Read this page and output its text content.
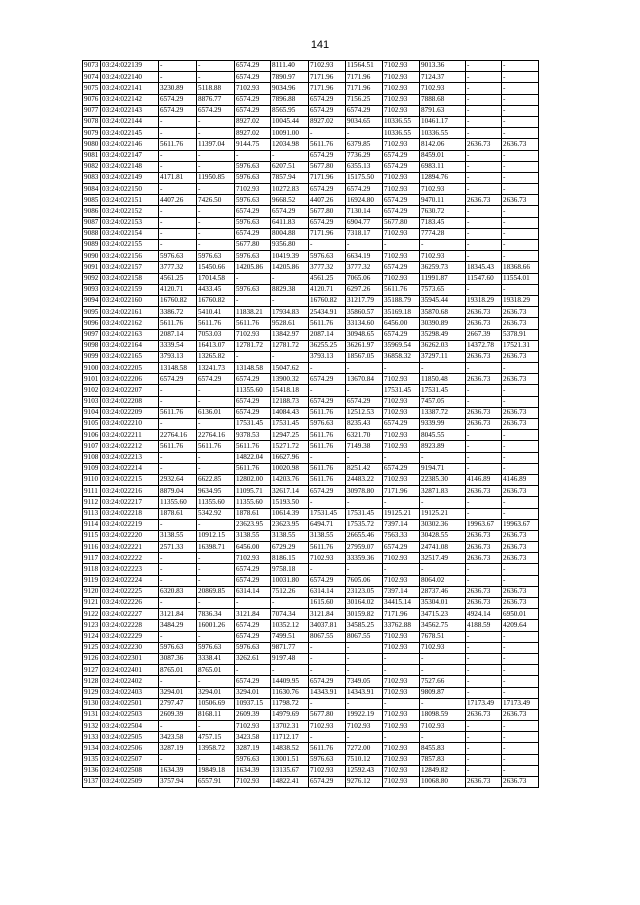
141
9073	03:24:022139	-	-	6574.29	8111.40	7102.93	11564.51	7102.93	9013.36	-	-
9074	03:24:022140	-	-	6574.29	7890.97	7171.96	7171.96	7102.93	7124.37	-	-
9075	03:24:022141	3230.89	5118.88	7102.93	9034.96	7171.96	7171.96	7102.93	7102.93	-	-
9076	03:24:022142	6574.29	8876.77	6574.29	7896.88	6574.29	7156.25	7102.93	7888.68	-	-
9077	03:24:022143	6574.29	6574.29	6574.29	8565.95	6574.29	6574.29	7102.93	8791.63	-	-
9078	03:24:022144	-	-	8927.02	10045.44	8927.02	9034.65	10336.55	10461.17	-	-
9079	03:24:022145	-	-	8927.02	10091.00	-	-	10336.55	10336.55	-	-
9080	03:24:022146	5611.76	11397.04	9144.75	12034.98	5611.76	6379.85	7102.93	8142.06	2636.73	2636.73
9081	03:24:022147	-	-	-	-	6574.29	7736.29	6574.29	8459.01	-	-
9082	03:24:022148	-	-	5976.63	6207.51	5677.80	6355.13	6574.29	6983.11	-	-
9083	03:24:022149	4171.81	11950.85	5976.63	7857.94	7171.96	15175.50	7102.93	12894.76	-	-
9084	03:24:022150	-	-	7102.93	10272.83	6574.29	6574.29	7102.93	7102.93	-	-
9085	03:24:022151	4407.26	7426.50	5976.63	9668.52	4407.26	16924.80	6574.29	9470.11	2636.73	2636.73
9086	03:24:022152	-	-	6574.29	6574.29	5677.80	7130.14	6574.29	7630.72	-	-
9087	03:24:022153	-	-	5976.63	6411.83	6574.29	6904.77	5677.80	7183.45	-	-
9088	03:24:022154	-	-	6574.29	8004.88	7171.96	7318.17	7102.93	7774.28	-	-
9089	03:24:022155	-	-	5677.80	9356.80	-	-	-	-	-	-
9090	03:24:022156	5976.63	5976.63	5976.63	10419.39	5976.63	6634.19	7102.93	7102.93	-	-
9091	03:24:022157	3777.32	15450.66	14205.86	14205.86	3777.32	3777.32	6574.29	36259.73	18345.43	18368.66
9092	03:24:022158	4561.25	17014.58	-	-	4561.25	7065.06	7102.93	11991.87	11547.60	11554.01
9093	03:24:022159	4120.71	4433.45	5976.63	8829.38	4120.71	6297.26	5611.76	7573.65	-	-
9094	03:24:022160	16760.82	16760.82	-	-	16760.82	31217.79	35188.79	35945.44	19318.29	19318.29
9095	03:24:022161	3386.72	5410.41	11838.21	17934.83	25434.91	35860.57	35169.18	35870.68	2636.73	2636.73
9096	03:24:022162	5611.76	5611.76	5611.76	9528.61	5611.76	33134.60	6456.00	30390.89	2636.73	2636.73
9097	03:24:022163	2087.14	7053.03	7102.93	13842.97	2087.14	30948.65	6574.29	35298.49	2667.39	5378.91
9098	03:24:022164	3339.54	16413.07	12781.72	12781.72	36255.25	36261.97	35969.54	36262.03	14372.78	17521.31
9099	03:24:022165	3793.13	13265.82	-	-	3793.13	18567.05	36858.32	37297.11	2636.73	2636.73
9100	03:24:022205	13148.58	13241.73	13148.58	15047.62	-	-	-	-	-	-
9101	03:24:022206	6574.29	6574.29	6574.29	13900.32	6574.29	13670.84	7102.93	11850.48	2636.73	2636.73
9102	03:24:022207	-	-	11355.60	15418.18	-	-	17531.45	17531.45	-	-
9103	03:24:022208	-	-	6574.29	12188.73	6574.29	6574.29	7102.93	7457.05	-	-
9104	03:24:022209	5611.76	6136.01	6574.29	14084.43	5611.76	12512.53	7102.93	13387.72	2636.73	2636.73
9105	03:24:022210	-	-	17531.45	17531.45	5976.63	8235.43	6574.29	9339.99	2636.73	2636.73
9106	03:24:022211	22764.16	22764.16	9378.53	12947.25	5611.76	6321.70	7102.93	8045.55	-	-
9107	03:24:022212	5611.76	5611.76	5611.76	15271.72	5611.76	7149.38	7102.93	8923.89	-	-
9108	03:24:022213	-	-	14822.04	16627.96	-	-	-	-	-	-
9109	03:24:022214	-	-	5611.76	10020.98	5611.76	8251.42	6574.29	9194.71	-	-
9110	03:24:022215	2932.64	6622.85	12802.00	14203.76	5611.76	24483.22	7102.93	22385.30	4146.89	4146.89
9111	03:24:022216	8879.04	9634.95	11095.71	32617.14	6574.29	30978.80	7171.96	32871.83	2636.73	2636.73
9112	03:24:022217	11355.60	11355.60	11355.60	15193.50	-	-	-	-	-	-
9113	03:24:022218	1878.61	5342.92	1878.61	10614.39	17531.45	17531.45	19125.21	19125.21	-	-
9114	03:24:022219	-	-	23623.95	23623.95	6494.71	17535.72	7397.14	30302.36	19963.67	19963.67
9115	03:24:022220	3138.55	10912.15	3138.55	3138.55	3138.55	26655.46	7563.33	30428.55	2636.73	2636.73
9116	03:24:022221	2571.33	16398.71	6456.00	6729.29	5611.76	27959.07	6574.29	24741.08	2636.73	2636.73
9117	03:24:022222	-	-	7102.93	8186.15	7102.93	33359.36	7102.93	32517.49	2636.73	2636.73
9118	03:24:022223	-	-	6574.29	9758.18	-	-	-	-	-	-
9119	03:24:022224	-	-	6574.29	10031.80	6574.29	7605.06	7102.93	8064.02	-	-
9120	03:24:022225	6320.83	20869.85	6314.14	7512.26	6314.14	23123.05	7397.14	28737.46	2636.73	2636.73
9121	03:24:022226	-	-	-	-	1615.60	30164.02	34415.14	35304.01	2636.73	2636.73
9122	03:24:022227	3121.84	7836.34	3121.84	7074.34	3121.84	30159.82	7171.96	34715.23	4924.14	6950.01
9123	03:24:022228	3484.29	16001.26	6574.29	10352.12	34037.81	34585.25	33762.88	34562.75	4188.59	4209.64
9124	03:24:022229	-	-	6574.29	7499.51	8067.55	8067.55	7102.93	7678.51	-	-
9125	03:24:022230	5976.63	5976.63	5976.63	9871.77	-	-	7102.93	7102.93	-	-
9126	03:24:022301	3087.36	3338.41	3262.61	9197.48	-	-	-	-	-	-
9127	03:24:022401	8765.01	8765.01	-	-	-	-	-	-	-	-
9128	03:24:022402	-	-	6574.29	14409.95	6574.29	7349.05	7102.93	7527.66	-	-
9129	03:24:022403	3294.01	3294.01	3294.01	11630.76	14343.91	14343.91	7102.93	9809.87	-	-
9130	03:24:022501	2797.47	10506.69	10937.15	11798.72	-	-	-	-	17173.49	17173.49
9131	03:24:022503	2609.39	8168.11	2609.39	14979.69	5677.80	19922.19	7102.93	18098.59	2636.73	2636.73
9132	03:24:022504	-	-	7102.93	13702.31	7102.93	7102.93	7102.93	7102.93	-	-
9133	03:24:022505	3423.58	4757.15	3423.58	11712.17	-	-	-	-	-	-
9134	03:24:022506	3287.19	13958.72	3287.19	14838.52	5611.76	7272.00	7102.93	8455.83	-	-
9135	03:24:022507	-	-	5976.63	13001.51	5976.63	7510.12	7102.93	7857.83	-	-
9136	03:24:022508	1634.39	19849.18	1634.39	13135.67	7102.93	12592.43	7102.93	12849.82	-	-
9137	03:24:022509	3757.94	6557.91	7102.93	14822.41	6574.29	9276.12	7102.93	10068.80	2636.73	2636.73
